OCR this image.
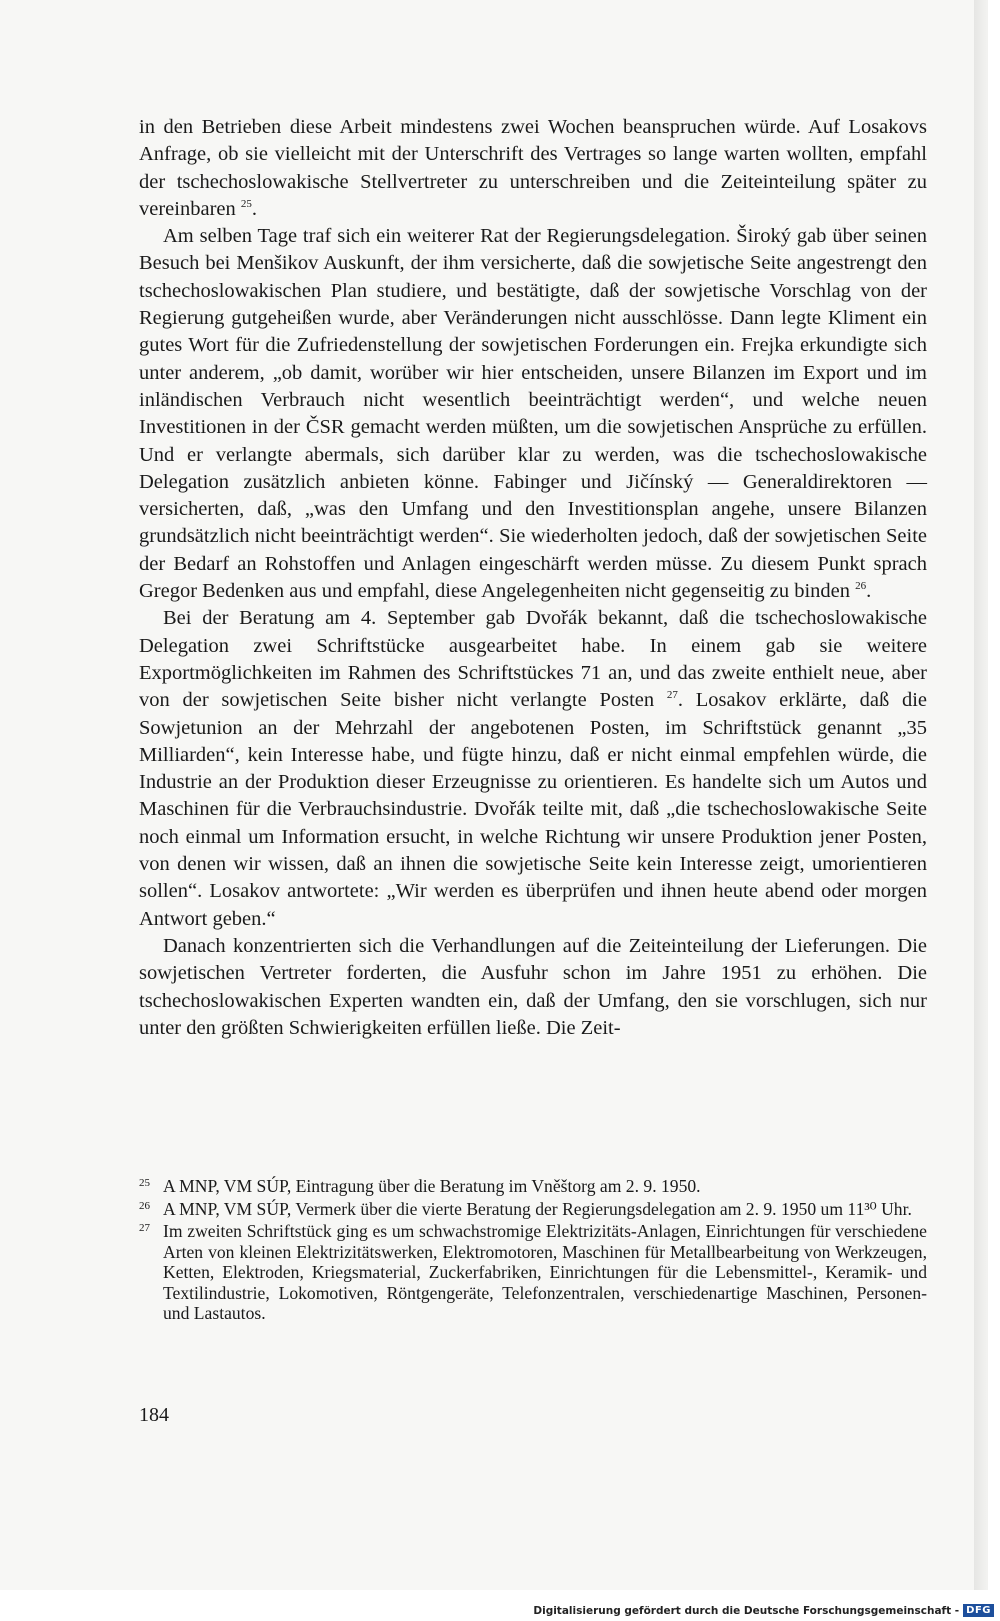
in den Betrieben diese Arbeit mindestens zwei Wochen beanspruchen würde. Auf Losakovs Anfrage, ob sie vielleicht mit der Unterschrift des Vertrages so lange warten wollten, empfahl der tschechoslowakische Stellvertreter zu unterschreiben und die Zeiteinteilung später zu vereinbaren $^{25}$.

Am selben Tage traf sich ein weiterer Rat der Regierungsdelegation. Široký gab über seinen Besuch bei Menšikov Auskunft, der ihm versicherte, daß die sowjetische Seite angestrengt den tschechoslowakischen Plan studiere, und bestätigte, daß der sowjetische Vorschlag von der Regierung gutgeheißen wurde, aber Veränderungen nicht ausschlösse. Dann legte Kliment ein gutes Wort für die Zufriedenstellung der sowjetischen Forderungen ein. Frejka erkundigte sich unter anderem, „ob damit, worüber wir hier entscheiden, unsere Bilanzen im Export und im inländischen Verbrauch nicht wesentlich beeinträchtigt werden“, und welche neuen Investitionen in der ČSR gemacht werden müßten, um die sowjetischen Ansprüche zu erfüllen. Und er verlangte abermals, sich darüber klar zu werden, was die tschechoslowakische Delegation zusätzlich anbieten könne. Fabinger und Jičínský — Generaldirektoren — versicherten, daß, „was den Umfang und den Investitionsplan angehe, unsere Bilanzen grundsätzlich nicht beeinträchtigt werden“. Sie wiederholten jedoch, daß der sowjetischen Seite der Bedarf an Rohstoffen und Anlagen eingeschärft werden müsse. Zu diesem Punkt sprach Gregor Bedenken aus und empfahl, diese Angelegenheiten nicht gegenseitig zu binden $^{26}$.

Bei der Beratung am 4. September gab Dvořák bekannt, daß die tschechoslowakische Delegation zwei Schriftstücke ausgearbeitet habe. In einem gab sie weitere Exportmöglichkeiten im Rahmen des Schriftstückes 71 an, und das zweite enthielt neue, aber von der sowjetischen Seite bisher nicht verlangte Posten $^{27}$. Losakov erklärte, daß die Sowjetunion an der Mehrzahl der angebotenen Posten, im Schriftstück genannt „35 Milliarden“, kein Interesse habe, und fügte hinzu, daß er nicht einmal empfehlen würde, die Industrie an der Produktion dieser Erzeugnisse zu orientieren. Es handelte sich um Autos und Maschinen für die Verbrauchsindustrie. Dvořák teilte mit, daß „die tschechoslowakische Seite noch einmal um Information ersucht, in welche Richtung wir unsere Produktion jener Posten, von denen wir wissen, daß an ihnen die sowjetische Seite kein Interesse zeigt, umorientieren sollen“. Losakov antwortete: „Wir werden es überprüfen und ihnen heute abend oder morgen Antwort geben.“

Danach konzentrierten sich die Verhandlungen auf die Zeiteinteilung der Lieferungen. Die sowjetischen Vertreter forderten, die Ausfuhr schon im Jahre 1951 zu erhöhen. Die tschechoslowakischen Experten wandten ein, daß der Umfang, den sie vorschlugen, sich nur unter den größten Schwierigkeiten erfüllen ließe. Die Zeit-

25 A MNP, VM SÚP, Eintragung über die Beratung im Vněštorg am 2. 9. 1950.
26 A MNP, VM SÚP, Vermerk über die vierte Beratung der Regierungsdelegation am 2. 9. 1950 um 11³⁰ Uhr.
27 Im zweiten Schriftstück ging es um schwachstromige Elektrizitäts-Anlagen, Einrichtungen für verschiedene Arten von kleinen Elektrizitätswerken, Elektromotoren, Maschinen für Metallbearbeitung von Werkzeugen, Ketten, Elektroden, Kriegsmaterial, Zuckerfabriken, Einrichtungen für die Lebensmittel-, Keramik- und Textilindustrie, Lokomotiven, Röntgengeräte, Telefonzentralen, verschiedenartige Maschinen, Personen- und Lastautos.
184
Digitalisierung gefördert durch die Deutsche Forschungsgemeinschaft - DFG
